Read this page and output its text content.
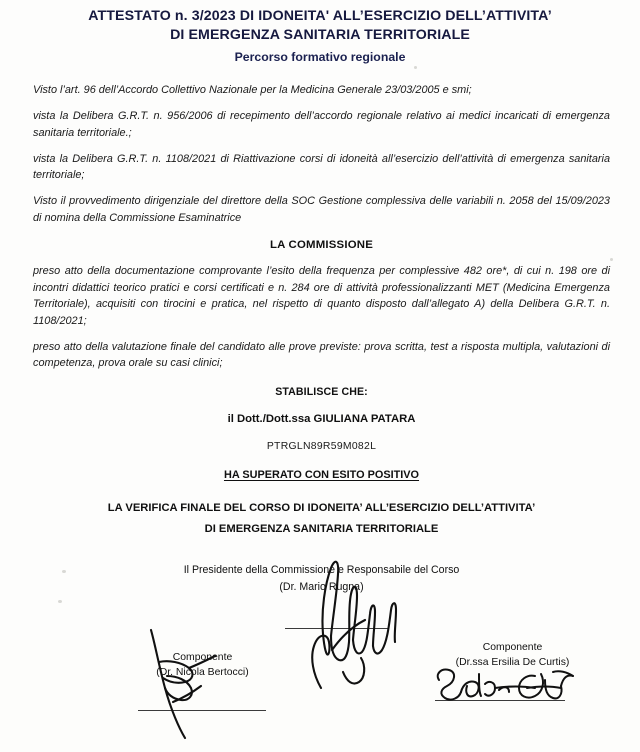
ATTESTATO n. 3/2023 DI IDONEITA' ALL’ESERCIZIO DELL’ATTIVITA’
DI EMERGENZA SANITARIA TERRITORIALE
Percorso formativo regionale
Visto l’art. 96 dell’Accordo Collettivo Nazionale per la Medicina Generale 23/03/2005 e smi;
vista la Delibera G.R.T. n. 956/2006 di recepimento dell’accordo regionale relativo ai medici incaricati di emergenza sanitaria territoriale.;
vista la Delibera G.R.T. n. 1108/2021 di Riattivazione corsi di idoneità all’esercizio dell’attività di emergenza sanitaria territoriale;
Visto il provvedimento dirigenziale del direttore della SOC Gestione complessiva delle variabili n. 2058 del 15/09/2023 di nomina della Commissione Esaminatrice
LA COMMISSIONE
preso atto della documentazione comprovante l’esito della frequenza per complessive 482 ore*, di cui n. 198 ore di incontri didattici teorico pratici e corsi certificati e n. 284 ore di attività professionalizzanti MET (Medicina Emergenza Territoriale), acquisiti con tirocini e pratica, nel rispetto di quanto disposto dall’allegato A) della Delibera G.R.T. n. 1108/2021;
preso atto della valutazione finale del candidato alle prove previste: prova scritta, test a risposta multipla, valutazioni di competenza, prova orale su casi clinici;
STABILISCE CHE:
il Dott./Dott.ssa GIULIANA PATARA
PTRGLN89R59M082L
HA SUPERATO CON ESITO POSITIVO
LA VERIFICA FINALE DEL CORSO DI IDONEITA’ ALL’ESERCIZIO DELL’ATTIVITA’
DI EMERGENZA SANITARIA TERRITORIALE
Il Presidente della Commissione e Responsabile del Corso
(Dr. Mario Rugna)
Componente
(Dr. Nicola Bertocci)
Componente
(Dr.ssa Ersilia De Curtis)
